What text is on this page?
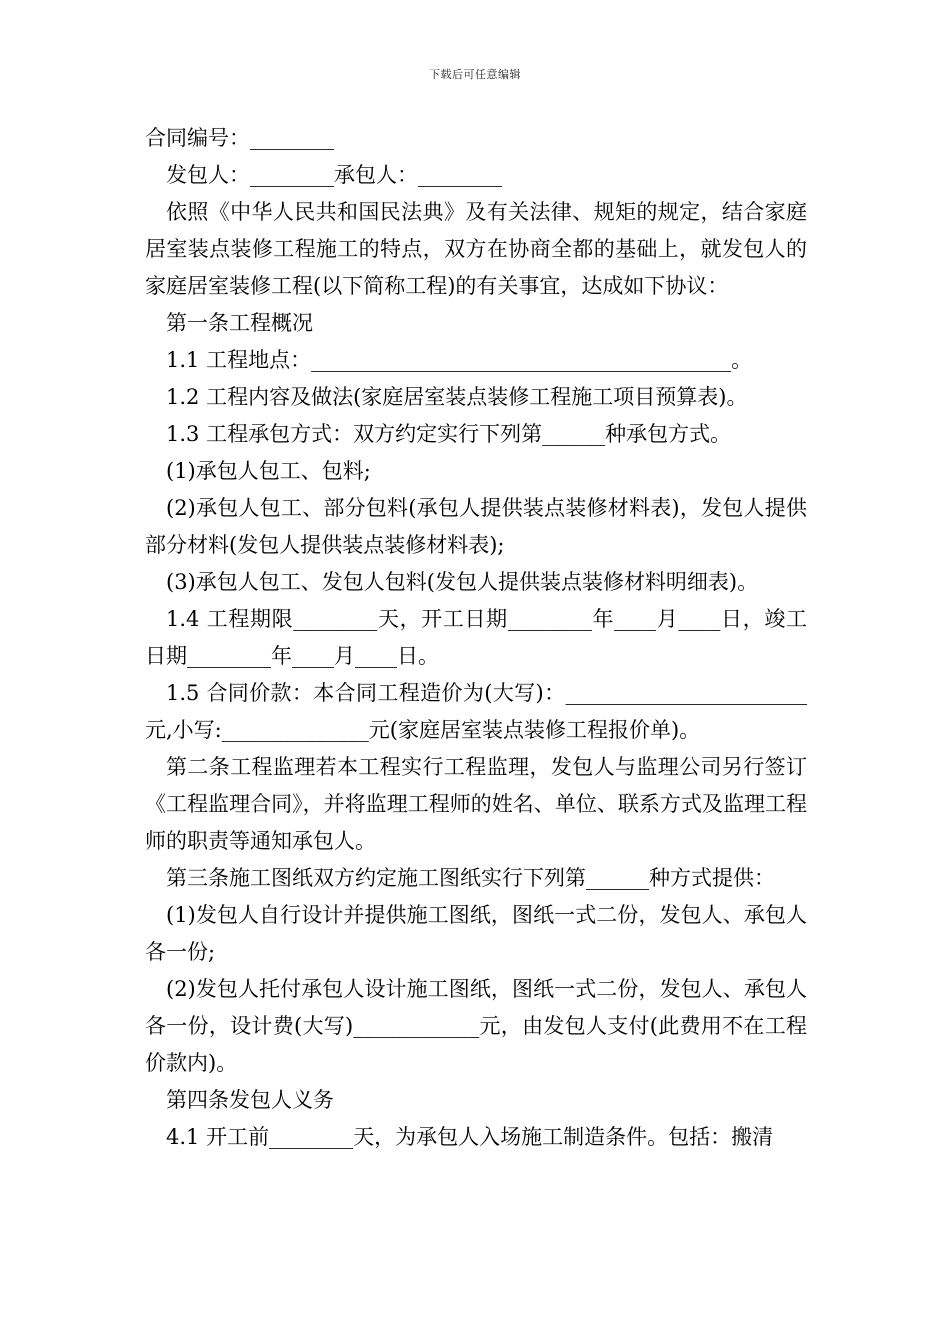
下载后可任意编辑

合同编号：________

发包人：________承包人：________

依照《中华人民共和国民法典》及有关法律、规矩的规定，结合家庭居室装点装修工程施工的特点，双方在协商全都的基础上，就发包人的家庭居室装修工程(以下简称工程)的有关事宜，达成如下协议：

第一条工程概况

1.1 工程地点：________________________________________。

1.2 工程内容及做法(家庭居室装点装修工程施工项目预算表)。

1.3 工程承包方式：双方约定实行下列第______种承包方式。

(1)承包人包工、包料;

(2)承包人包工、部分包料(承包人提供装点装修材料表)，发包人提供部分材料(发包人提供装点装修材料表);

(3)承包人包工、发包人包料(发包人提供装点装修材料明细表)。

1.4 工程期限________天，开工日期________年____月____日，竣工日期________年____月____日。

1.5 合同价款：本合同工程造价为(大写)：_______________________元,小写:______________元(家庭居室装点装修工程报价单)。

第二条工程监理若本工程实行工程监理，发包人与监理公司另行签订《工程监理合同》，并将监理工程师的姓名、单位、联系方式及监理工程师的职责等通知承包人。

第三条施工图纸双方约定施工图纸实行下列第______种方式提供：

(1)发包人自行设计并提供施工图纸，图纸一式二份，发包人、承包人各一份;

(2)发包人托付承包人设计施工图纸，图纸一式二份，发包人、承包人各一份，设计费(大写)____________元，由发包人支付(此费用不在工程价款内)。

第四条发包人义务

4.1 开工前________天，为承包人入场施工制造条件。包括：搬清
